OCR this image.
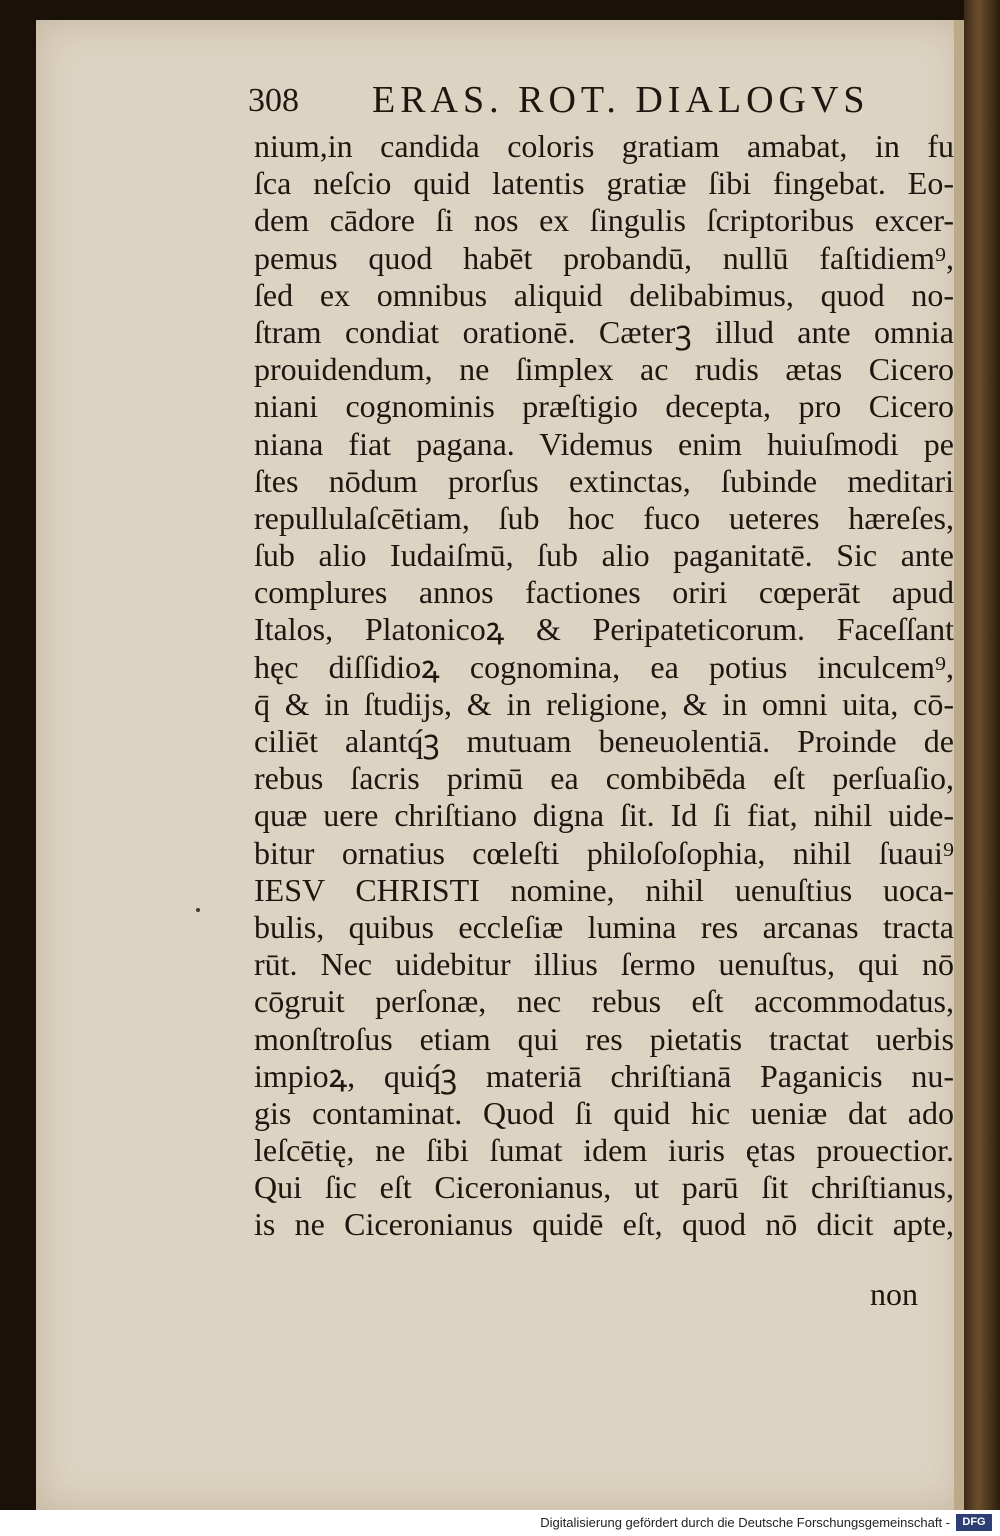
308 ERAS. ROT. DIALOGVS
nium,in candida coloris gratiam amabat, in fu
ſca neſcio quid latentis gratiæ ſibi fingebat. Eo-
dem cādore ſi nos ex ſingulis ſcriptoribus excer-
pemus quod habēt probandū, nullū faſtidiem⁹,
ſed ex omnibus aliquid delibabimus, quod no-
ſtram condiat orationē. Cæterꝫ illud ante omnia
prouidendum, ne ſimplex ac rudis ætas Cicero
niani cognominis præſtigio decepta, pro Cicero
niana fiat pagana. Videmus enim huiuſmodi pe
ſtes nōdum prorſus extinctas, ſubinde meditari
repullulaſcētiam, ſub hoc fuco ueteres hæreſes,
ſub alio Iudaiſmū, ſub alio paganitatē. Sic ante
complures annos factiones oriri cœperāt apud
Italos, Platonicoꝝ & Peripateticorum. Faceſſant
hęc diſſidioꝝ cognomina, ea potius inculcem⁹,
q̄ & in ſtudijs, & in religione, & in omni uita, cō-
ciliēt alantq́ꝫ mutuam beneuolentiā. Proinde de
rebus ſacris primū ea combibēda eſt perſuaſio,
quæ uere chriſtiano digna ſit. Id ſi fiat, nihil uide-
bitur ornatius cœleſti philoſoſophia, nihil ſuaui⁹
IESV CHRISTI nomine, nihil uenuſtius uoca-
bulis, quibus eccleſiæ lumina res arcanas tracta
rūt. Nec uidebitur illius ſermo uenuſtus, qui nō
cōgruit perſonæ, nec rebus eſt accommodatus,
monſtroſus etiam qui res pietatis tractat uerbis
impioꝝ, quiq́ꝫ materiā chriſtianā Paganicis nu-
gis contaminat. Quod ſi quid hic ueniæ dat ado
leſcētię, ne ſibi ſumat idem iuris ętas prouectior.
Qui ſic eſt Ciceronianus, ut parū ſit chriſtianus,
is ne Ciceronianus quidē eſt, quod nō dicit apte,
non
Digitalisierung gefördert durch die Deutsche Forschungsgemeinschaft -	DFG
